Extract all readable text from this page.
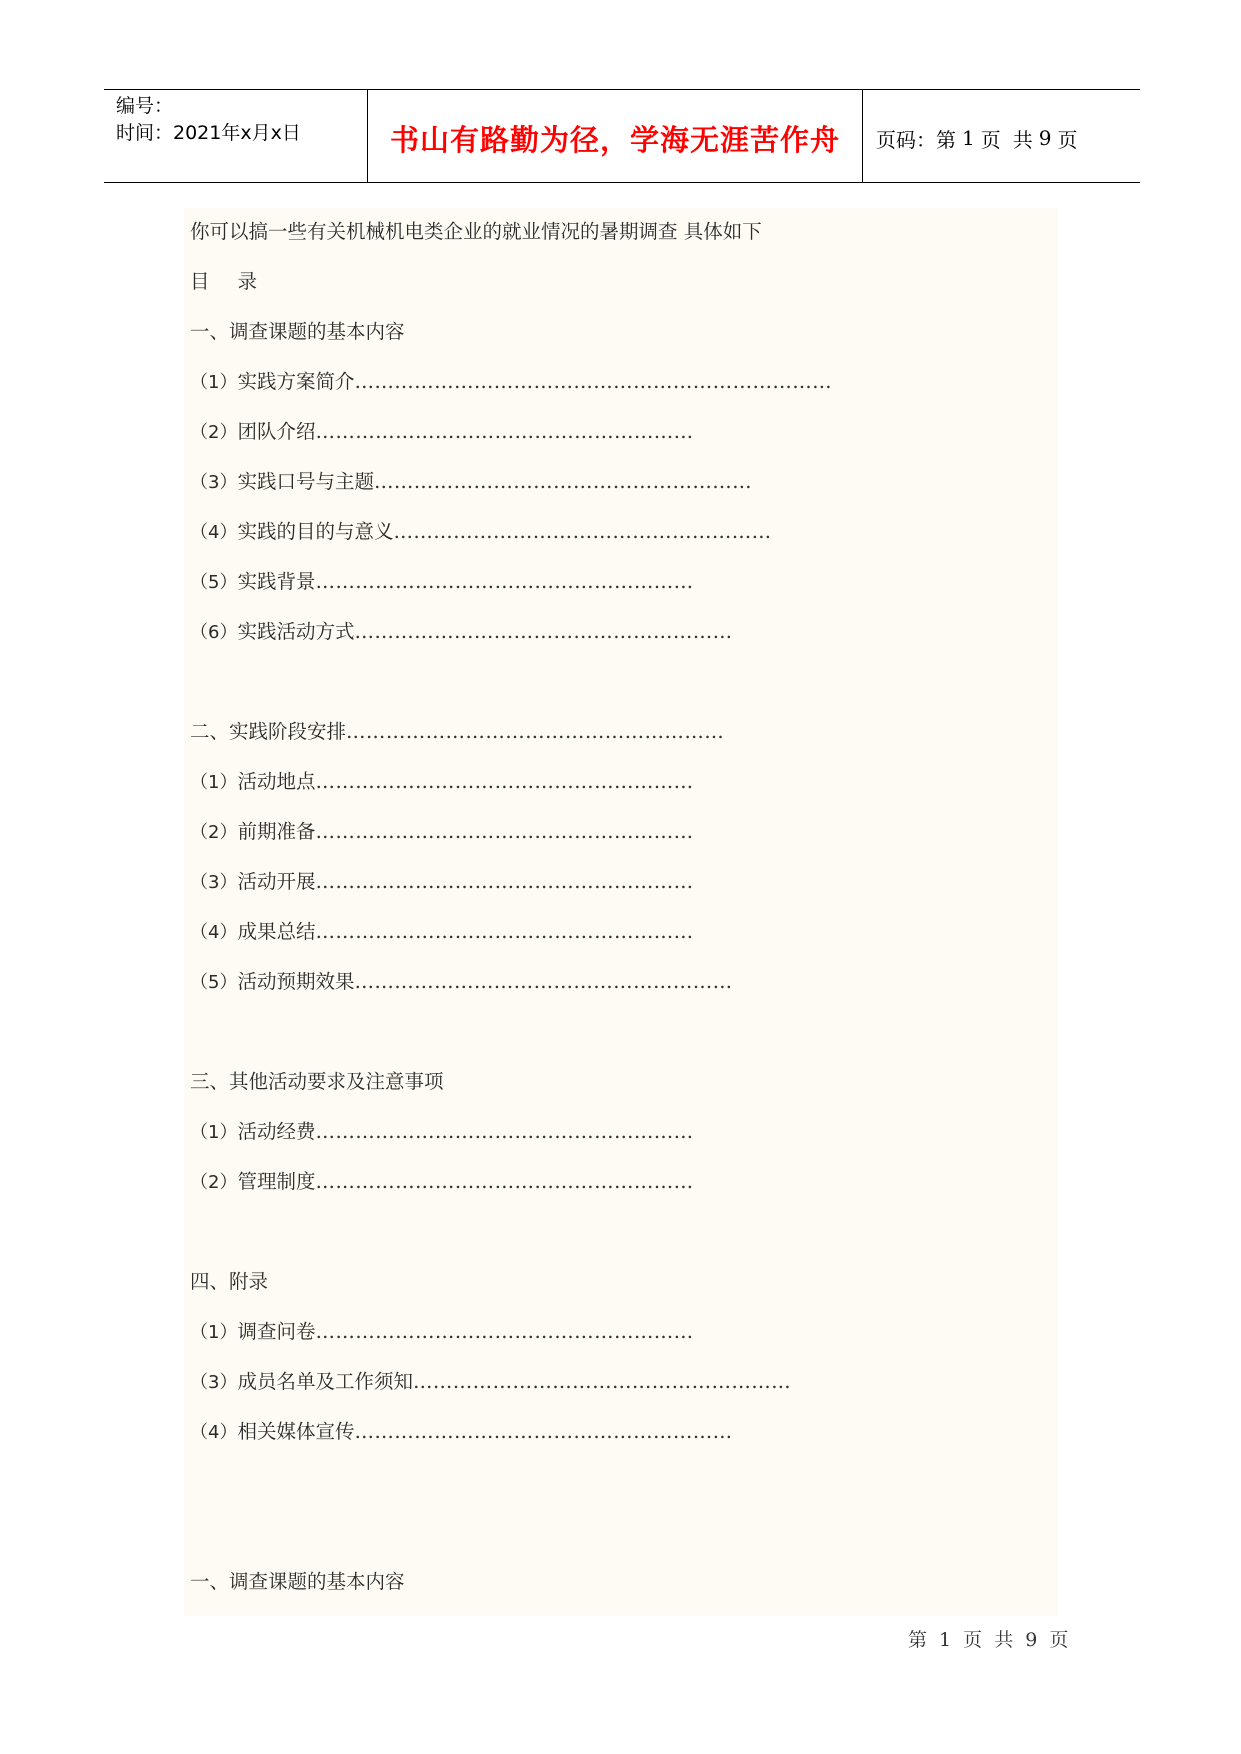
编号：
时间：2021年x月x日	书山有路勤为径，学海无涯苦作舟 页码：第 1 页 共 9 页
你可以搞一些有关机械机电类企业的就业情况的暑期调查 具体如下
目 录
一、调查课题的基本内容
（1）实践方案简介………………………………………………………………
（2）团队介绍…………………………………………………
（3）实践口号与主题…………………………………………………
（4）实践的目的与意义…………………………………………………
（5）实践背景…………………………………………………
（6）实践活动方式…………………………………………………
二、实践阶段安排…………………………………………………
（1）活动地点…………………………………………………
（2）前期准备…………………………………………………
（3）活动开展…………………………………………………
（4）成果总结…………………………………………………
（5）活动预期效果…………………………………………………
三、其他活动要求及注意事项
（1）活动经费…………………………………………………
（2）管理制度…………………………………………………
四、附录
（1）调查问卷…………………………………………………
（3）成员名单及工作须知…………………………………………………
（4）相关媒体宣传…………………………………………………
一、调查课题的基本内容
第 1 页 共 9 页
